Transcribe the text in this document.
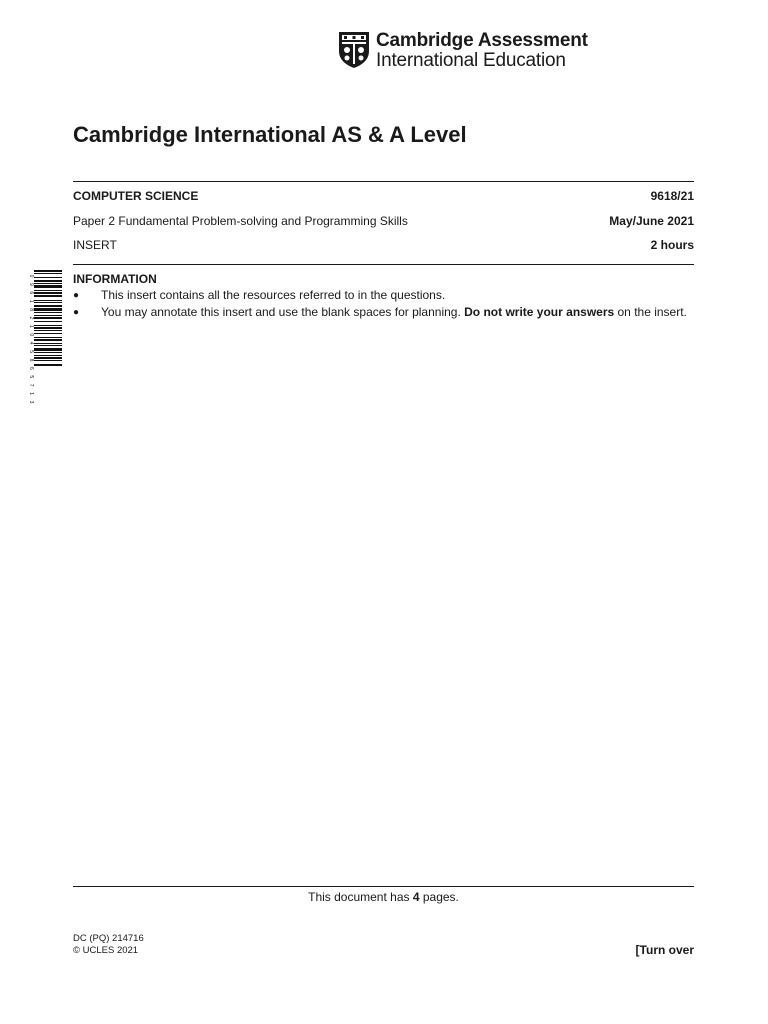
Cambridge Assessment
International Education
Cambridge International AS & A Level
COMPUTER SCIENCE	9618/21
Paper 2 Fundamental Problem-solving and Programming Skills	May/June 2021
INSERT	2 hours
0
9
6
1
8
2
1
0
4
5
8
6
5
7
1
3
INFORMATION
● This insert contains all the resources referred to in the questions.
● You may annotate this insert and use the blank spaces for planning. Do not write your answers on the insert.
This document has 4 pages.
DC (PQ) 214716
© UCLES 2021	[Turn over
